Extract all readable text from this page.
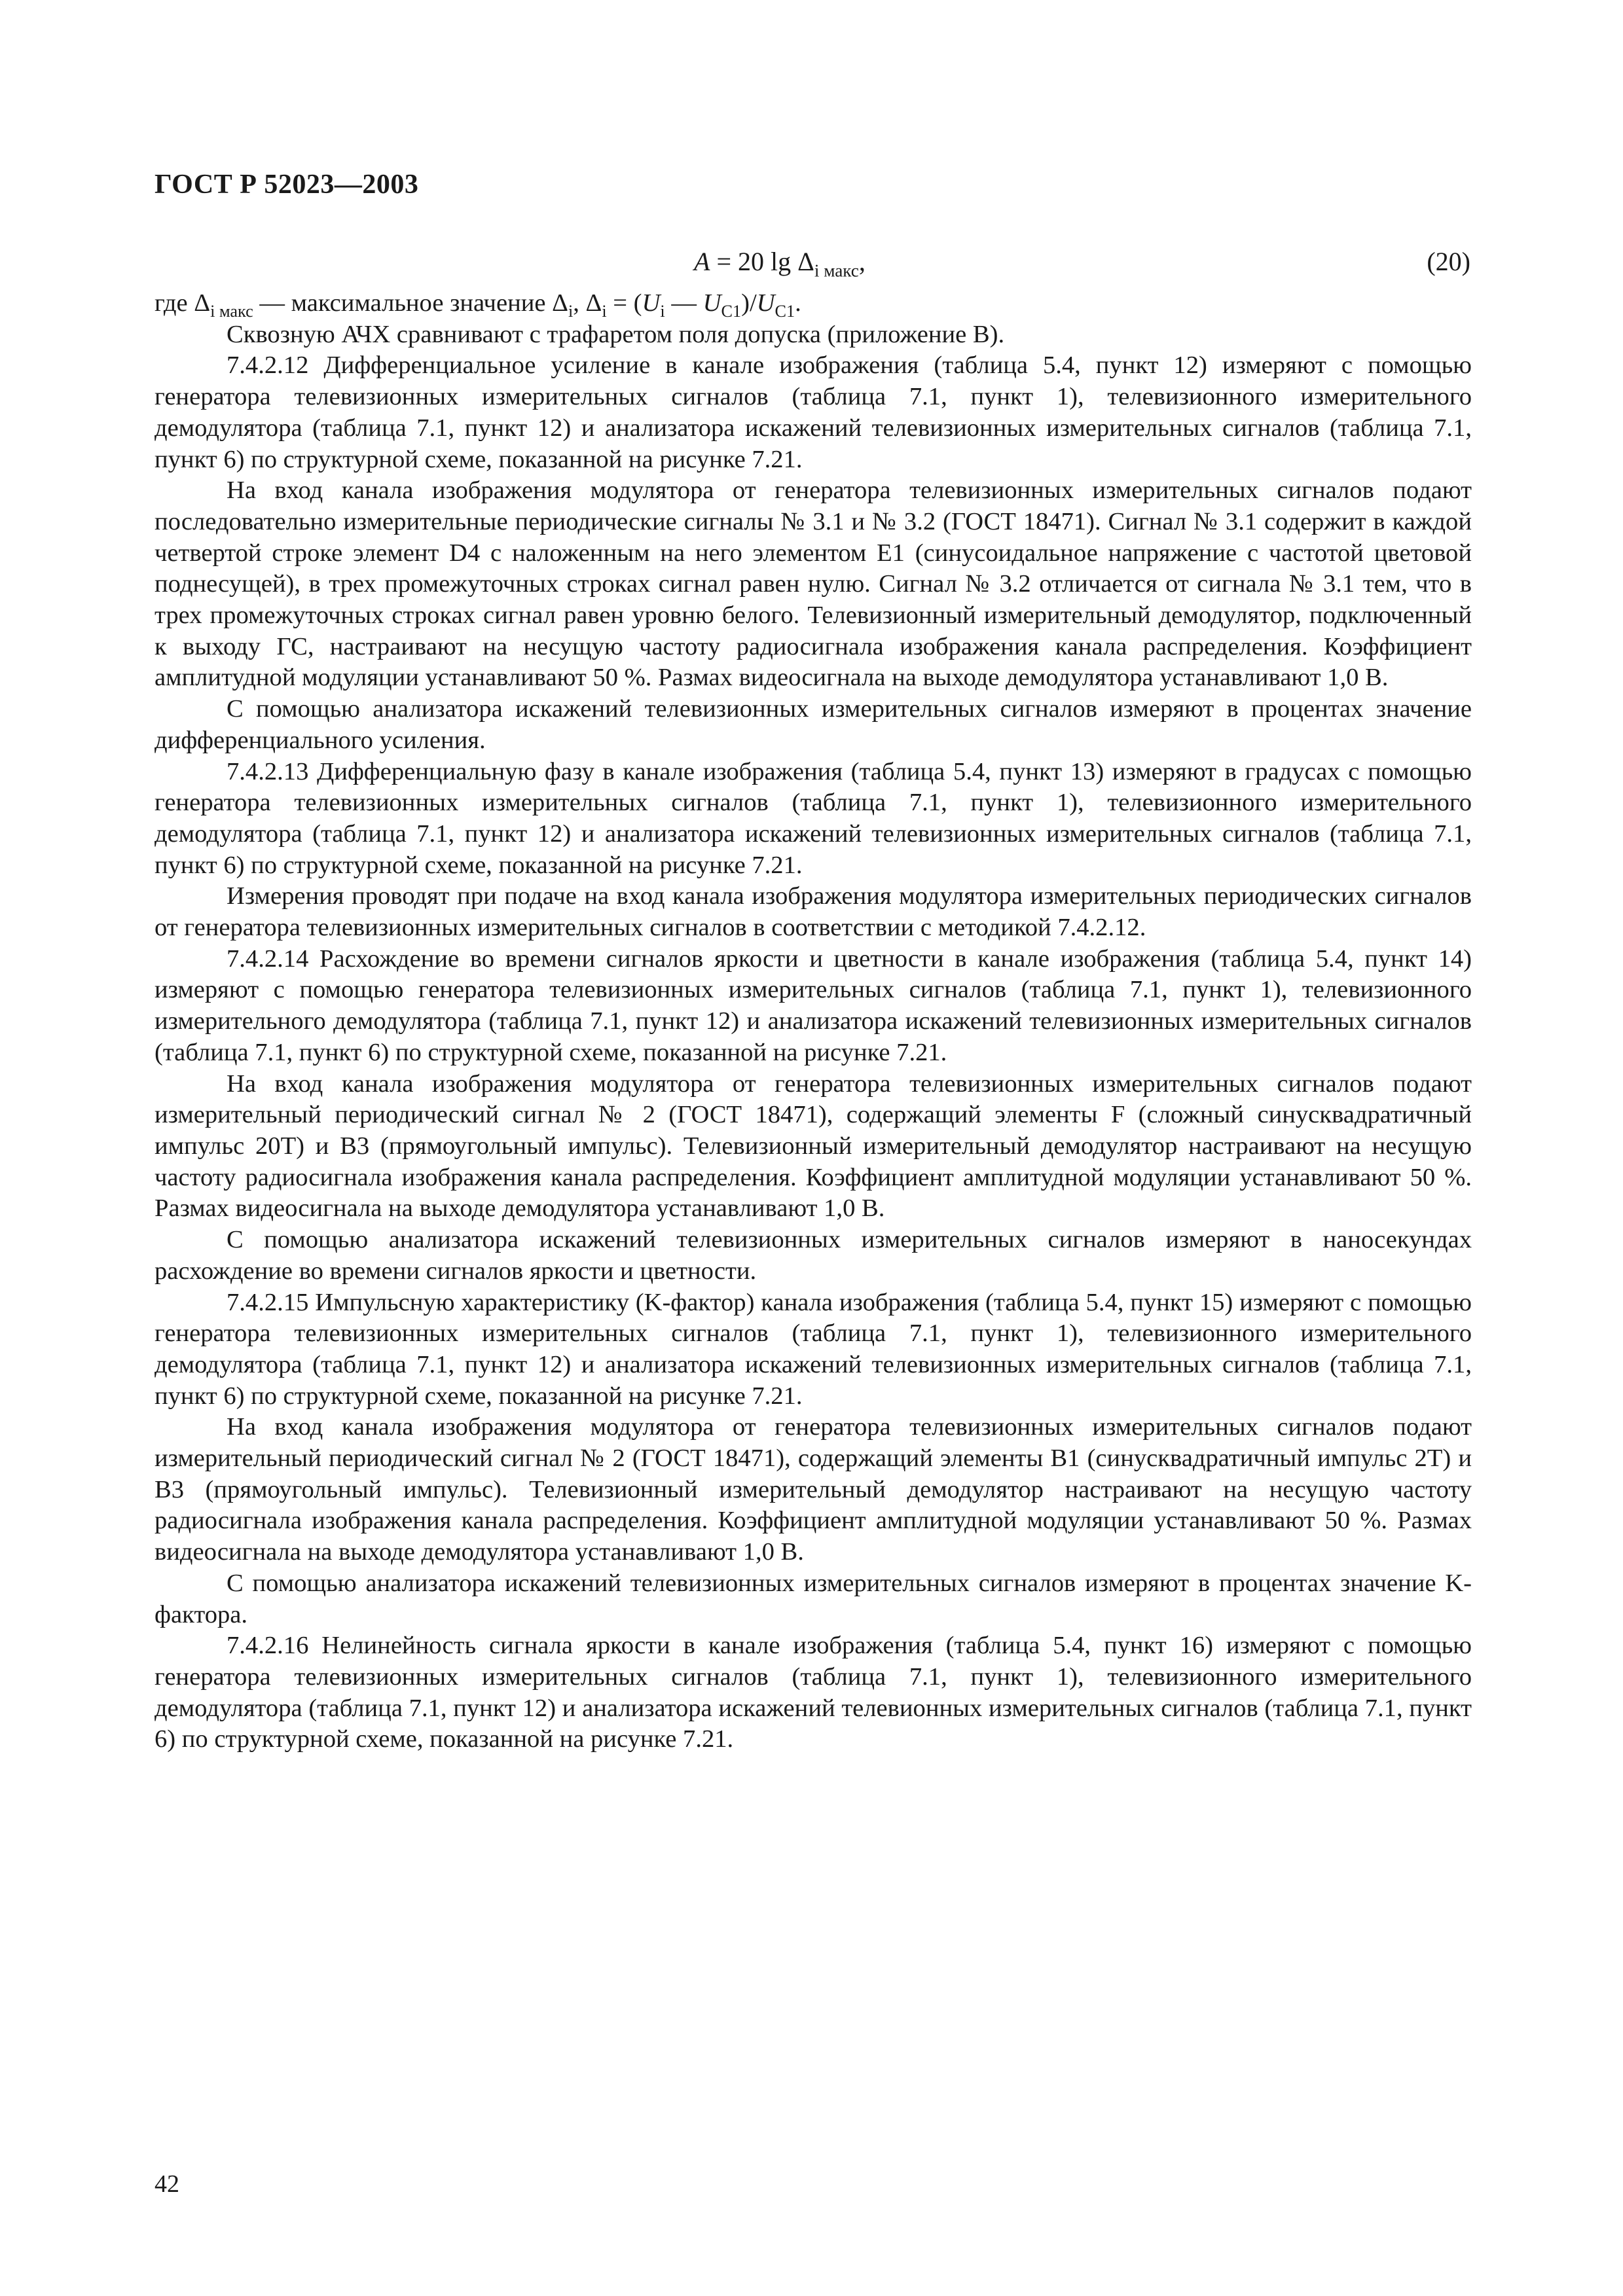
ГОСТ Р 52023—2003
A = 20 $\lg \Delta_{i макс}$,	(20)

где $\Delta_{i макс}$ — максимальное значение $\Delta_i$, $\Delta_i = (U_i$ — $U_{C1})/U_{C1}$.

Сквозную АЧХ сравнивают с трафаретом поля допуска (приложение В).

7.4.2.12 Дифференциальное усиление в канале изображения (таблица 5.4, пункт 12) измеряют с помощью генератора телевизионных измерительных сигналов (таблица 7.1, пункт 1), телевизионного измерительного демодулятора (таблица 7.1, пункт 12) и анализатора искажений телевизионных измерительных сигналов (таблица 7.1, пункт 6) по структурной схеме, показанной на рисунке 7.21.

На вход канала изображения модулятора от генератора телевизионных измерительных сигналов подают последовательно измерительные периодические сигналы № 3.1 и № 3.2 (ГОСТ 18471). Сигнал № 3.1 содержит в каждой четвертой строке элемент D4 с наложенным на него элементом Е1 (синусоидальное напряжение с частотой цветовой поднесущей), в трех промежуточных строках сигнал равен нулю. Сигнал № 3.2 отличается от сигнала № 3.1 тем, что в трех промежуточных строках сигнал равен уровню белого. Телевизионный измерительный демодулятор, подключенный к выходу ГС, настраивают на несущую частоту радиосигнала изображения канала распределения. Коэффициент амплитудной модуляции устанавливают 50 %. Размах видеосигнала на выходе демодулятора устанавливают 1,0 В.

С помощью анализатора искажений телевизионных измерительных сигналов измеряют в процентах значение дифференциального усиления.

7.4.2.13 Дифференциальную фазу в канале изображения (таблица 5.4, пункт 13) измеряют в градусах с помощью генератора телевизионных измерительных сигналов (таблица 7.1, пункт 1), телевизионного измерительного демодулятора (таблица 7.1, пункт 12) и анализатора искажений телевизионных измерительных сигналов (таблица 7.1, пункт 6) по структурной схеме, показанной на рисунке 7.21.

Измерения проводят при подаче на вход канала изображения модулятора измерительных периодических сигналов от генератора телевизионных измерительных сигналов в соответствии с методикой 7.4.2.12.

7.4.2.14 Расхождение во времени сигналов яркости и цветности в канале изображения (таблица 5.4, пункт 14) измеряют с помощью генератора телевизионных измерительных сигналов (таблица 7.1, пункт 1), телевизионного измерительного демодулятора (таблица 7.1, пункт 12) и анализатора искажений телевизионных измерительных сигналов (таблица 7.1, пункт 6) по структурной схеме, показанной на рисунке 7.21.

На вход канала изображения модулятора от генератора телевизионных измерительных сигналов подают измерительный периодический сигнал № 2 (ГОСТ 18471), содержащий элементы F (сложный синусквадратичный импульс 20Т) и В3 (прямоугольный импульс). Телевизионный измерительный демодулятор настраивают на несущую частоту радиосигнала изображения канала распределения. Коэффициент амплитудной модуляции устанавливают 50 %. Размах видеосигнала на выходе демодулятора устанавливают 1,0 В.

С помощью анализатора искажений телевизионных измерительных сигналов измеряют в наносекундах расхождение во времени сигналов яркости и цветности.

7.4.2.15 Импульсную характеристику (K-фактор) канала изображения (таблица 5.4, пункт 15) измеряют с помощью генератора телевизионных измерительных сигналов (таблица 7.1, пункт 1), телевизионного измерительного демодулятора (таблица 7.1, пункт 12) и анализатора искажений телевизионных измерительных сигналов (таблица 7.1, пункт 6) по структурной схеме, показанной на рисунке 7.21.

На вход канала изображения модулятора от генератора телевизионных измерительных сигналов подают измерительный периодический сигнал № 2 (ГОСТ 18471), содержащий элементы В1 (синусквадратичный импульс 2Т) и В3 (прямоугольный импульс). Телевизионный измерительный демодулятор настраивают на несущую частоту радиосигнала изображения канала распределения. Коэффициент амплитудной модуляции устанавливают 50 %. Размах видеосигнала на выходе демодулятора устанавливают 1,0 В.

С помощью анализатора искажений телевизионных измерительных сигналов измеряют в процентах значение K-фактора.

7.4.2.16 Нелинейность сигнала яркости в канале изображения (таблица 5.4, пункт 16) измеряют с помощью генератора телевизионных измерительных сигналов (таблица 7.1, пункт 1), телевизионного измерительного демодулятора (таблица 7.1, пункт 12) и анализатора искажений телевионных измерительных сигналов (таблица 7.1, пункт 6) по структурной схеме, показанной на рисунке 7.21.

42
